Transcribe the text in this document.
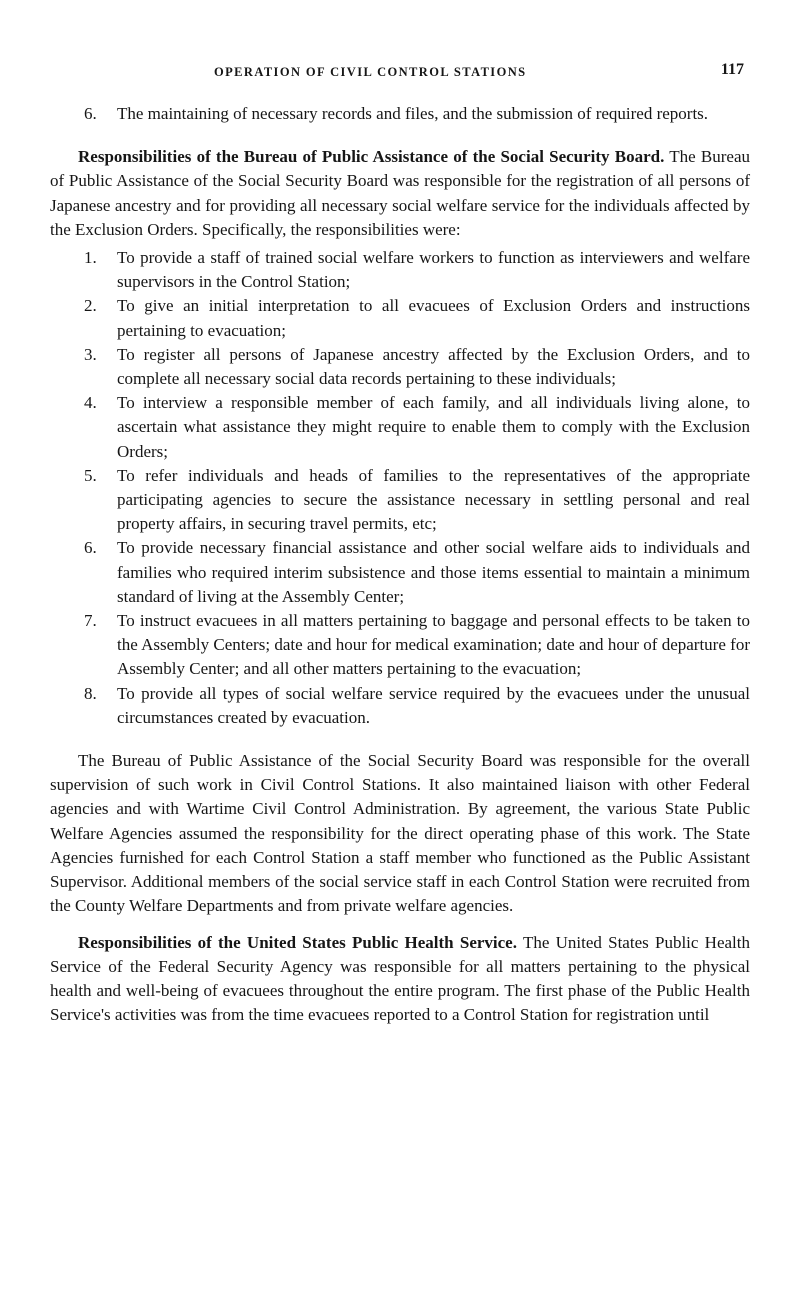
OPERATION OF CIVIL CONTROL STATIONS	117
6. The maintaining of necessary records and files, and the submission of required reports.

Responsibilities of the Bureau of Public Assistance of the Social Security Board. The Bureau of Public Assistance of the Social Security Board was responsible for the registration of all persons of Japanese ancestry and for providing all necessary social welfare service for the individuals affected by the Exclusion Orders. Specifically, the responsibilities were:

1. To provide a staff of trained social welfare workers to function as interviewers and welfare supervisors in the Control Station;
2. To give an initial interpretation to all evacuees of Exclusion Orders and instructions pertaining to evacuation;
3. To register all persons of Japanese ancestry affected by the Exclusion Orders, and to complete all necessary social data records pertaining to these individuals;
4. To interview a responsible member of each family, and all individuals living alone, to ascertain what assistance they might require to enable them to comply with the Exclusion Orders;
5. To refer individuals and heads of families to the representatives of the appropriate participating agencies to secure the assistance necessary in settling personal and real property affairs, in securing travel permits, etc;
6. To provide necessary financial assistance and other social welfare aids to individuals and families who required interim subsistence and those items essential to maintain a minimum standard of living at the Assembly Center;
7. To instruct evacuees in all matters pertaining to baggage and personal effects to be taken to the Assembly Centers; date and hour for medical examination; date and hour of departure for Assembly Center; and all other matters pertaining to the evacuation;
8. To provide all types of social welfare service required by the evacuees under the unusual circumstances created by evacuation.

The Bureau of Public Assistance of the Social Security Board was responsible for the overall supervision of such work in Civil Control Stations. It also maintained liaison with other Federal agencies and with Wartime Civil Control Administration. By agreement, the various State Public Welfare Agencies assumed the responsibility for the direct operating phase of this work. The State Agencies furnished for each Control Station a staff member who functioned as the Public Assistant Supervisor. Additional members of the social service staff in each Control Station were recruited from the County Welfare Departments and from private welfare agencies.

Responsibilities of the United States Public Health Service. The United States Public Health Service of the Federal Security Agency was responsible for all matters pertaining to the physical health and well-being of evacuees throughout the entire program. The first phase of the Public Health Service's activities was from the time evacuees reported to a Control Station for registration until
